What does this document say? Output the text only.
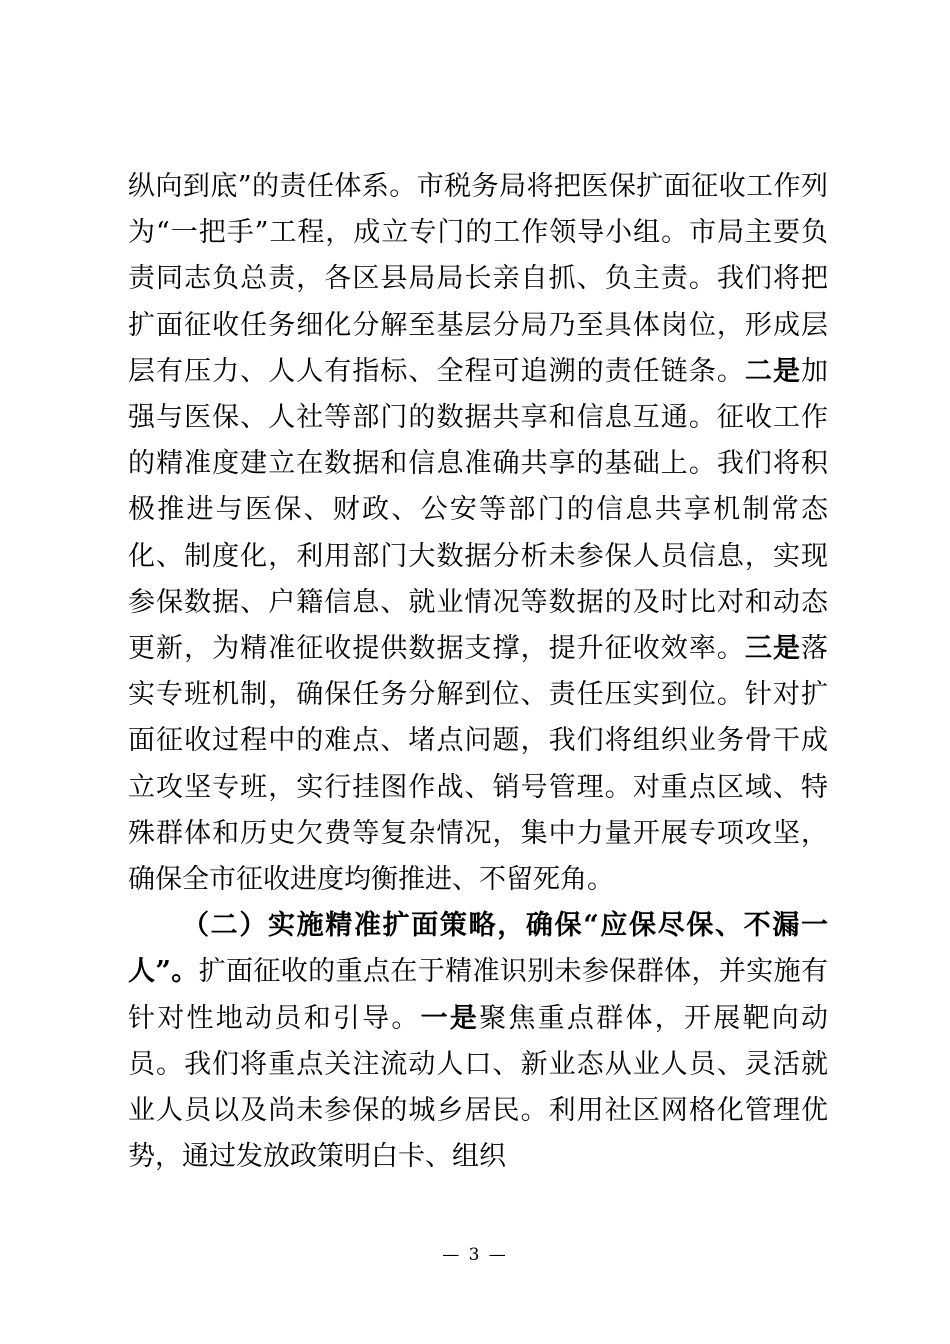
纵向到底”的责任体系。市税务局将把医保扩面征收工作列为“一把手”工程，成立专门的工作领导小组。市局主要负责同志负总责，各区县局局长亲自抓、负主责。我们将把扩面征收任务细化分解至基层分局乃至具体岗位，形成层层有压力、人人有指标、全程可追溯的责任链条。二是加强与医保、人社等部门的数据共享和信息互通。征收工作的精准度建立在数据和信息准确共享的基础上。我们将积极推进与医保、财政、公安等部门的信息共享机制常态化、制度化，利用部门大数据分析未参保人员信息，实现参保数据、户籍信息、就业情况等数据的及时比对和动态更新，为精准征收提供数据支撑，提升征收效率。三是落实专班机制，确保任务分解到位、责任压实到位。针对扩面征收过程中的难点、堵点问题，我们将组织业务骨干成立攻坚专班，实行挂图作战、销号管理。对重点区域、特殊群体和历史欠费等复杂情况，集中力量开展专项攻坚，确保全市征收进度均衡推进、不留死角。

（二）实施精准扩面策略，确保“应保尽保、不漏一人”。扩面征收的重点在于精准识别未参保群体，并实施有针对性地动员和引导。一是聚焦重点群体，开展靶向动员。我们将重点关注流动人口、新业态从业人员、灵活就业人员以及尚未参保的城乡居民。利用社区网格化管理优势，通过发放政策明白卡、组织

— 3 —
